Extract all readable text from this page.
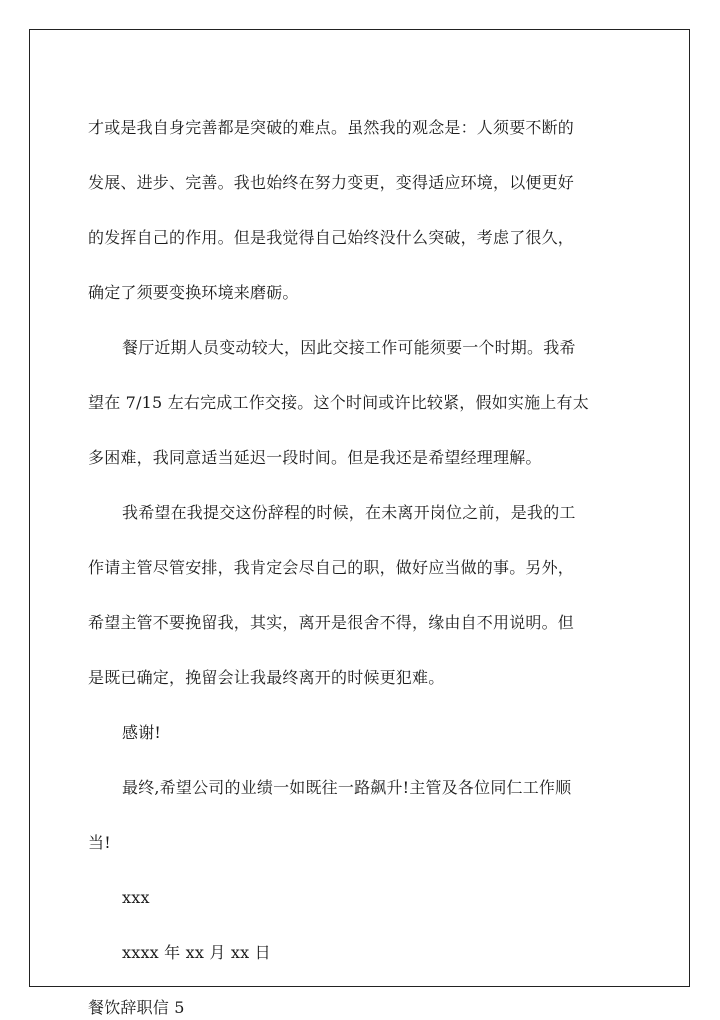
才或是我自身完善都是突破的难点。虽然我的观念是：人须要不断的
发展、进步、完善。我也始终在努力变更，变得适应环境，以便更好
的发挥自己的作用。但是我觉得自己始终没什么突破，考虑了很久，
确定了须要变换环境来磨砺。
餐厅近期人员变动较大，因此交接工作可能须要一个时期。我希
望在 7/15 左右完成工作交接。这个时间或许比较紧，假如实施上有太
多困难，我同意适当延迟一段时间。但是我还是希望经理理解。
我希望在我提交这份辞程的时候，在未离开岗位之前，是我的工
作请主管尽管安排，我肯定会尽自己的职，做好应当做的事。另外，
希望主管不要挽留我，其实，离开是很舍不得，缘由自不用说明。但
是既已确定，挽留会让我最终离开的时候更犯难。
感谢!
最终,希望公司的业绩一如既往一路飙升!主管及各位同仁工作顺
当!
xxx
xxxx 年 xx 月 xx 日
餐饮辞职信 5
